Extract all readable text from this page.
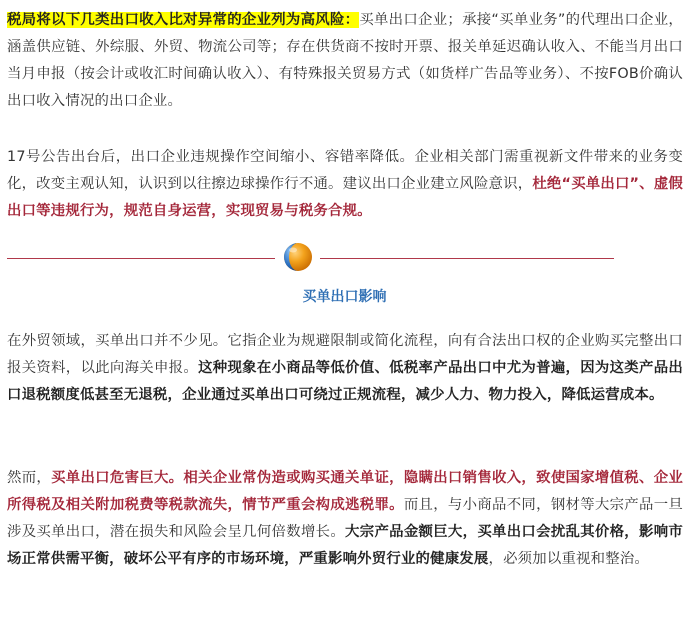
税局将以下几类出口收入比对异常的企业列为高风险：买单出口企业；承接“买单业务”的代理出口企业，涵盖供应链、外综服、外贸、物流公司等；存在供货商不按时开票、报关单延迟确认收入、不能当月出口当月申报（按会计或收汇时间确认收入）、有特殊报关贸易方式（如货样广告品等业务）、不按FOB价确认出口收入情况的出口企业。

17号公告出台后，出口企业违规操作空间缩小、容错率降低。企业相关部门需重视新文件带来的业务变化，改变主观认知，认识到以往擦边球操作行不通。建议出口企业建立风险意识，杜绝“买单出口”、虚假出口等违规行为，规范自身运营，实现贸易与税务合规。

买单出口影响

在外贸领域，买单出口并不少见。它指企业为规避限制或简化流程，向有合法出口权的企业购买完整出口报关资料，以此向海关申报。这种现象在小商品等低价值、低税率产品出口中尤为普遍，因为这类产品出口退税额度低甚至无退税，企业通过买单出口可绕过正规流程，减少人力、物力投入，降低运营成本。

然而，买单出口危害巨大。相关企业常伪造或购买通关单证，隐瞒出口销售收入，致使国家增值税、企业所得税及相关附加税费等税款流失，情节严重会构成逃税罪。而且，与小商品不同，钢材等大宗产品一旦涉及买单出口，潜在损失和风险会呈几何倍数增长。大宗产品金额巨大，买单出口会扰乱其价格，影响市场正常供需平衡，破坏公平有序的市场环境，严重影响外贸行业的健康发展，必须加以重视和整治。
